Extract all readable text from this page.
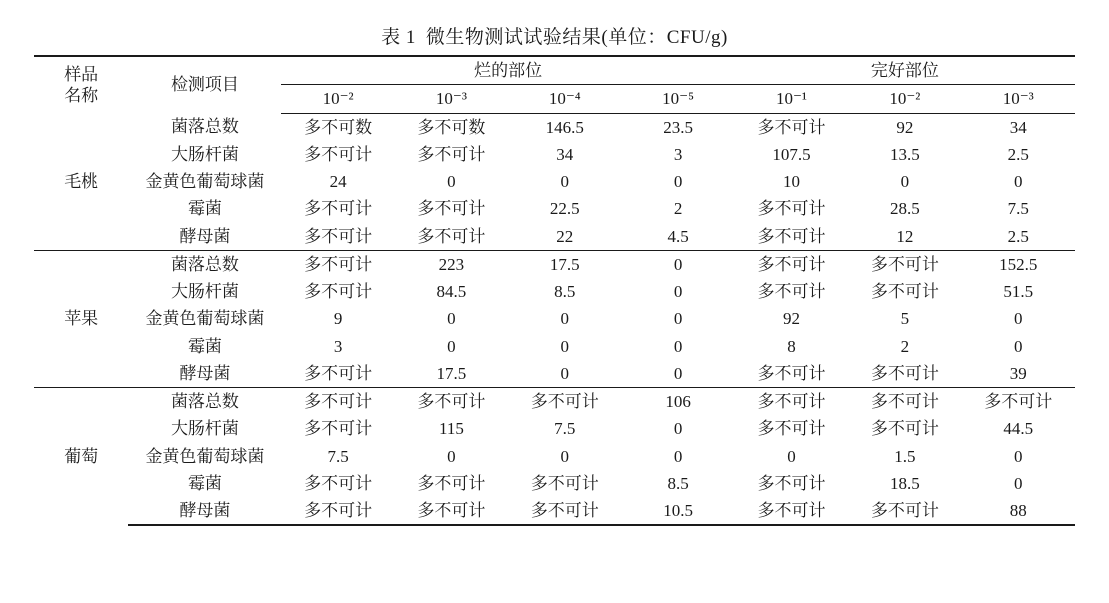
表 1 微生物测试试验结果(单位：CFU/g)
样品
名称	检测项目	烂的部位				完好部位		
		10⁻²	10⁻³	10⁻⁴	10⁻⁵	10⁻¹	10⁻²	10⁻³
毛桃	菌落总数	多不可数	多不可数	146.5	23.5	多不可计	92	34
	大肠杆菌	多不可计	多不可计	34	3	107.5	13.5	2.5
	金黄色葡萄球菌	24	0	0	0	10	0	0
	霉菌	多不可计	多不可计	22.5	2	多不可计	28.5	7.5
	酵母菌	多不可计	多不可计	22	4.5	多不可计	12	2.5
苹果	菌落总数	多不可计	223	17.5	0	多不可计	多不可计	152.5
	大肠杆菌	多不可计	84.5	8.5	0	多不可计	多不可计	51.5
	金黄色葡萄球菌	9	0	0	0	92	5	0
	霉菌	3	0	0	0	8	2	0
	酵母菌	多不可计	17.5	0	0	多不可计	多不可计	39
葡萄	菌落总数	多不可计	多不可计	多不可计	106	多不可计	多不可计	多不可计
	大肠杆菌	多不可计	115	7.5	0	多不可计	多不可计	44.5
	金黄色葡萄球菌	7.5	0	0	0	0	1.5	0
	霉菌	多不可计	多不可计	多不可计	8.5	多不可计	18.5	0
	酵母菌	多不可计	多不可计	多不可计	10.5	多不可计	多不可计	88
